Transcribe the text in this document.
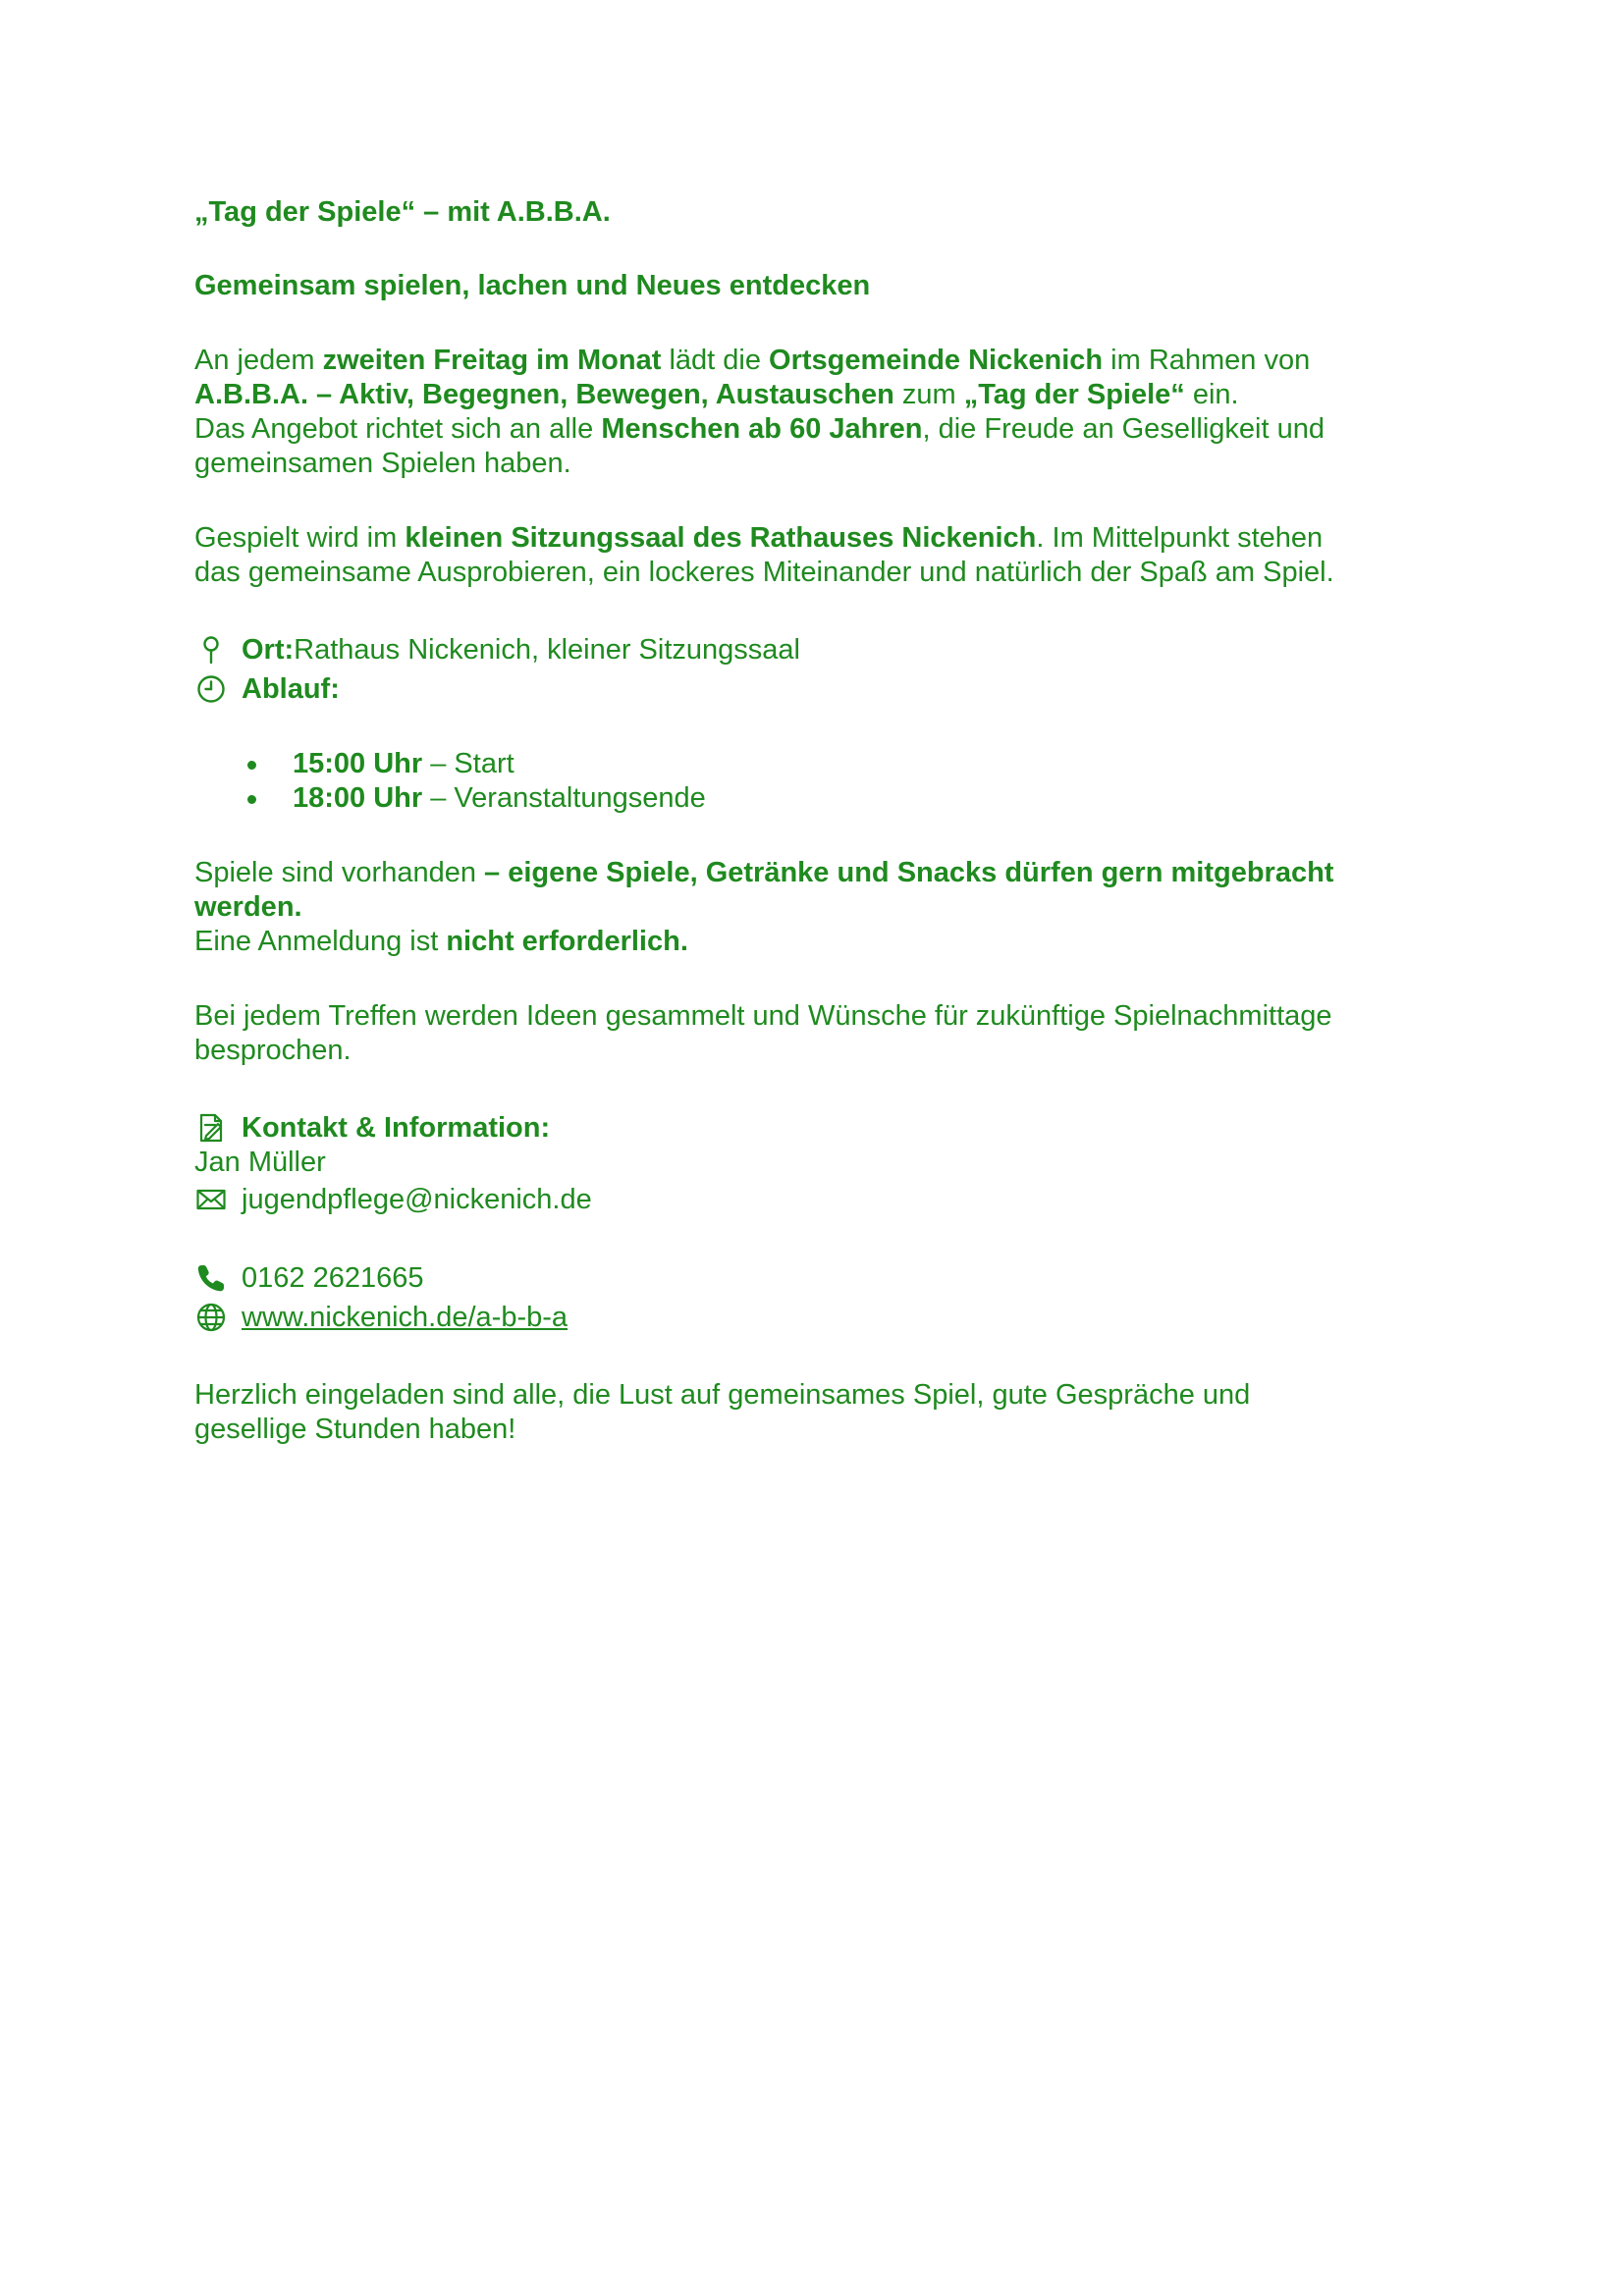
„Tag der Spiele“ – mit A.B.B.A.
Gemeinsam spielen, lachen und Neues entdecken
An jedem zweiten Freitag im Monat lädt die Ortsgemeinde Nickenich im Rahmen von
A.B.B.A. – Aktiv, Begegnen, Bewegen, Austauschen zum „Tag der Spiele“ ein.
Das Angebot richtet sich an alle Menschen ab 60 Jahren, die Freude an Geselligkeit und
gemeinsamen Spielen haben.
Gespielt wird im kleinen Sitzungssaal des Rathauses Nickenich. Im Mittelpunkt stehen
das gemeinsame Ausprobieren, ein lockeres Miteinander und natürlich der Spaß am Spiel.
Ort: Rathaus Nickenich, kleiner Sitzungssaal
Ablauf:
15:00 Uhr – Start
18:00 Uhr – Veranstaltungsende
Spiele sind vorhanden – eigene Spiele, Getränke und Snacks dürfen gern mitgebracht
werden.
Eine Anmeldung ist nicht erforderlich.
Bei jedem Treffen werden Ideen gesammelt und Wünsche für zukünftige Spielnachmittage
besprochen.
Kontakt & Information:
Jan Müller
jugendpflege@nickenich.de
0162 2621665
www.nickenich.de/a-b-b-a
Herzlich eingeladen sind alle, die Lust auf gemeinsames Spiel, gute Gespräche und
gesellige Stunden haben!
